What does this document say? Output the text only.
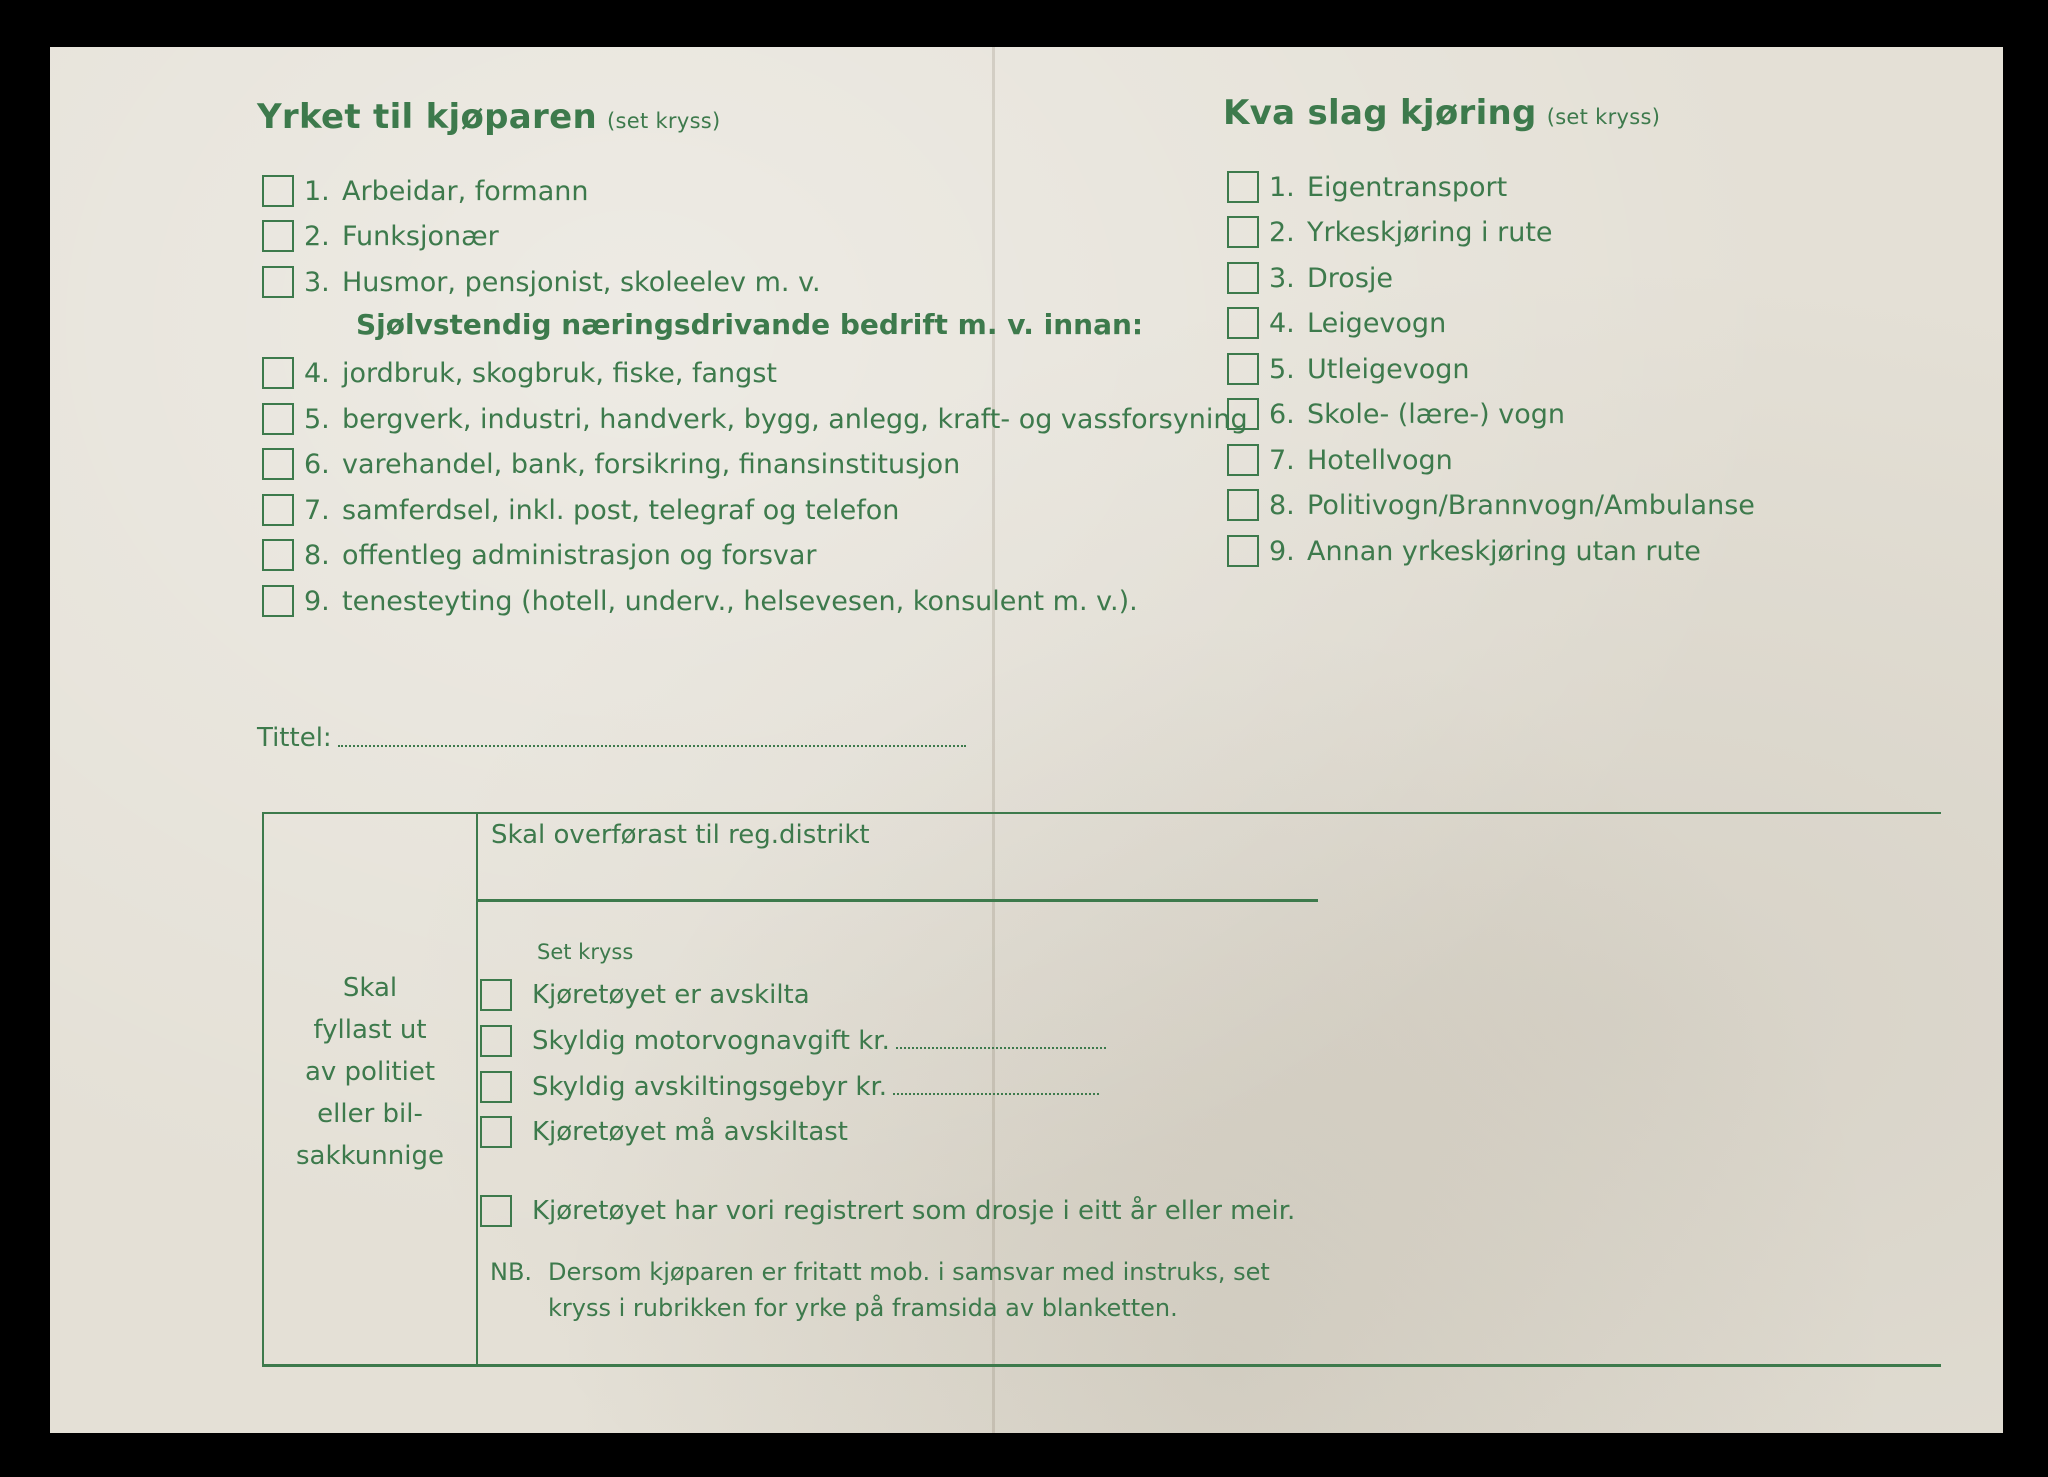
Yrket til kjøparen (set kryss)
1. Arbeidar, formann
2. Funksjonær
3. Husmor, pensjonist, skoleelev m. v.
Sjølvstendig næringsdrivande bedrift m. v. innan:
4. jordbruk, skogbruk, fiske, fangst
5. bergverk, industri, handverk, bygg, anlegg, kraft- og vassforsyning
6. varehandel, bank, forsikring, finansinstitusjon
7. samferdsel, inkl. post, telegraf og telefon
8. offentleg administrasjon og forsvar
9. tenesteyting (hotell, underv., helsevesen, konsulent m. v.).
Tittel:
Kva slag kjøring (set kryss)
1. Eigentransport
2. Yrkeskjøring i rute
3. Drosje
4. Leigevogn
5. Utleigevogn
6. Skole- (lære-) vogn
7. Hotellvogn
8. Politivogn/Brannvogn/Ambulanse
9. Annan yrkeskjøring utan rute
Skal
fyllast ut
av politiet
eller bil-
sakkunnige
Skal overførast til reg.distrikt
Set kryss
Kjøretøyet er avskilta
Skyldig motorvognavgift kr.
Skyldig avskiltingsgebyr kr.
Kjøretøyet må avskiltast
Kjøretøyet har vori registrert som drosje i eitt år eller meir.
NB. Dersom kjøparen er fritatt mob. i samsvar med instruks, set kryss i rubrikken for yrke på framsida av blanketten.
